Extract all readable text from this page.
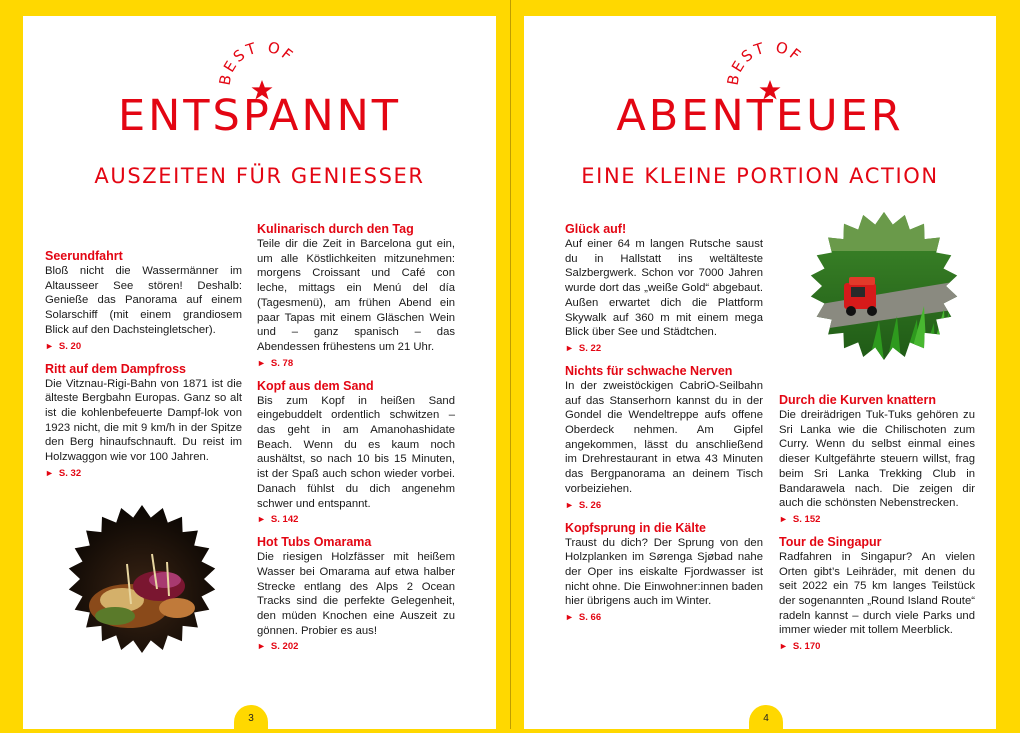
BEST OF
ENTSPANNT
AUSZEITEN FÜR GENIESSER
Seerundfahrt

Bloß nicht die Wassermänner im Altausseer See stören! Deshalb: Genieße das Panorama auf einem Solarschiff (mit einem grandiosem Blick auf den Dachsteingletscher).

► S. 20
Ritt auf dem Dampfross

Die Vitznau-Rigi-Bahn von 1871 ist die älteste Bergbahn Europas. Ganz so alt ist die kohlenbefeuerte Dampf-lok von 1923 nicht, die mit 9 km/h in der Spitze den Berg hinaufschnauft. Du reist im Holzwaggon wie vor 100 Jahren.

► S. 32
Kulinarisch durch den Tag

Teile dir die Zeit in Barcelona gut ein, um alle Köstlichkeiten mitzunehmen: morgens Croissant und Café con leche, mittags ein Menú del día (Tagesmenü), am frühen Abend ein paar Tapas mit einem Gläschen Wein und – ganz spanisch – das Abendessen frühestens um 21 Uhr.

► S. 78
Kopf aus dem Sand

Bis zum Kopf in heißen Sand eingebuddelt ordentlich schwitzen – das geht in am Amanohashidate Beach. Wenn du es kaum noch aushältst, so nach 10 bis 15 Minuten, ist der Spaß auch schon wieder vorbei. Danach fühlst du dich angenehm schwer und entspannt.

► S. 142
Hot Tubs Omarama

Die riesigen Holzfässer mit heißem Wasser bei Omarama auf etwa halber Strecke entlang des Alps 2 Ocean Tracks sind die perfekte Gelegenheit, den müden Knochen eine Auszeit zu gönnen. Probier es aus!

► S. 202
3
BEST OF
ABENTEUER
EINE KLEINE PORTION ACTION
Glück auf!

Auf einer 64 m langen Rutsche saust du in Hallstatt ins weltälteste Salzbergwerk. Schon vor 7000 Jahren wurde dort das „weiße Gold“ abgebaut. Außen erwartet dich die Plattform Skywalk auf 360 m mit einem mega Blick über See und Städtchen.

► S. 22
Nichts für schwache Nerven

In der zweistöckigen CabriO-Seilbahn auf das Stanserhorn kannst du in der Gondel die Wendeltreppe aufs offene Oberdeck nehmen. Am Gipfel angekommen, lässt du anschließend im Drehrestaurant in etwa 43 Minuten das Bergpanorama an deinem Tisch vorbeiziehen.

► S. 26
Kopfsprung in die Kälte

Traust du dich? Der Sprung von den Holzplanken im Sørenga Sjøbad nahe der Oper ins eiskalte Fjordwasser ist nicht ohne. Die Einwohner:innen baden hier übrigens auch im Winter.

► S. 66
Durch die Kurven knattern

Die dreirädrigen Tuk-Tuks gehören zu Sri Lanka wie die Chilischoten zum Curry. Wenn du selbst einmal eines dieser Kultgefährte steuern willst, frag beim Sri Lanka Trekking Club in Bandarawela nach. Die zeigen dir auch die schönsten Nebenstrecken.

► S. 152
Tour de Singapur

Radfahren in Singapur? An vielen Orten gibt’s Leihräder, mit denen du seit 2022 ein 75 km langes Teilstück der sogenannten „Round Island Route“ radeln kannst – durch viele Parks und immer wieder mit tollem Meerblick.

► S. 170
4
